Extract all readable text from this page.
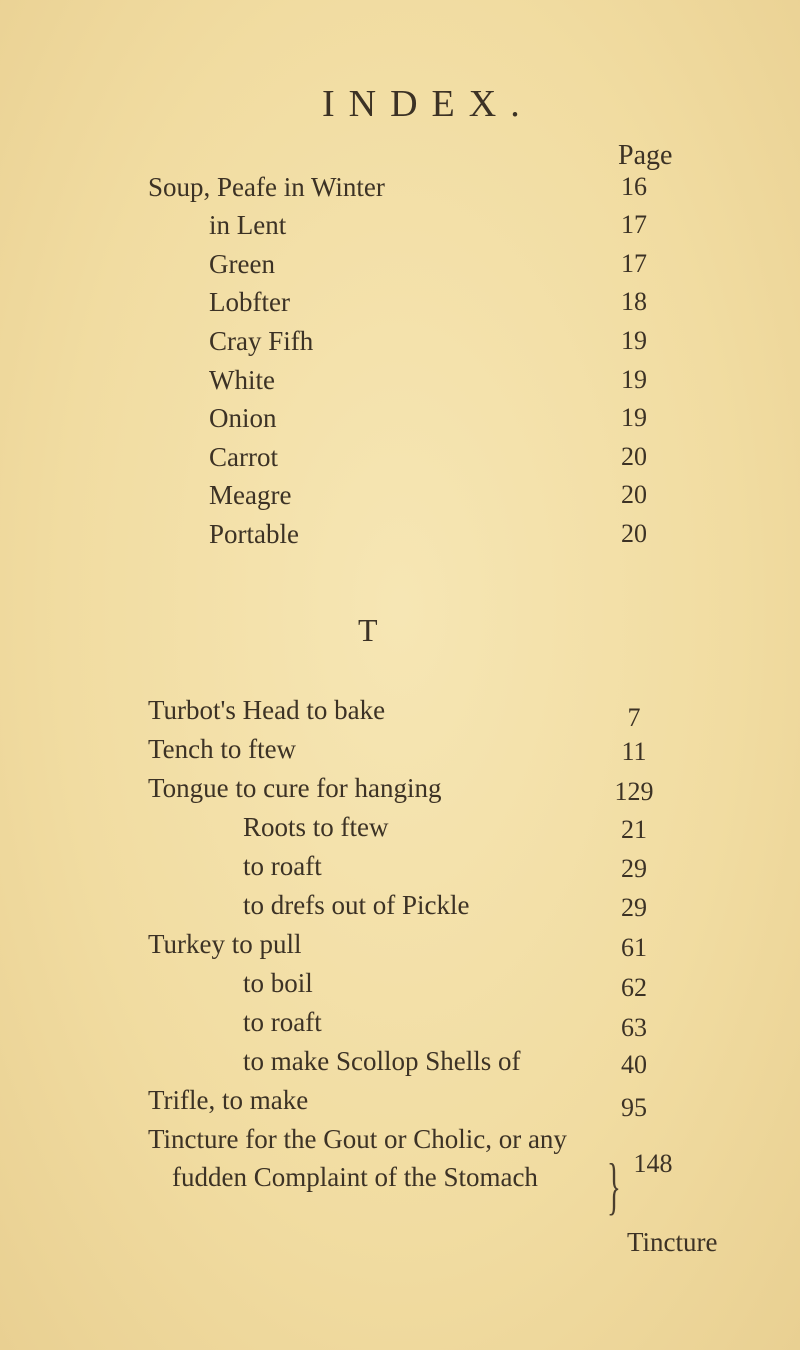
INDEX.
Page
Soup, Peafe in Winter	16
in Lent	17
Green	17
Lobfter	18
Cray Fifh	19
White	19
Onion	19
Carrot	20
Meagre	20
Portable	20
T
Turbot's Head to bake	7
Tench to ftew	11
Tongue to cure for hanging	129
Roots to ftew	21
to roaft	29
to drefs out of Pickle	29
Turkey to pull	61
to boil	62
to roaft	63
to make Scollop Shells of	40
Trifle, to make	95
Tincture for the Gout or Cholic, or any
fudden Complaint of the Stomach } 148
Tincture
